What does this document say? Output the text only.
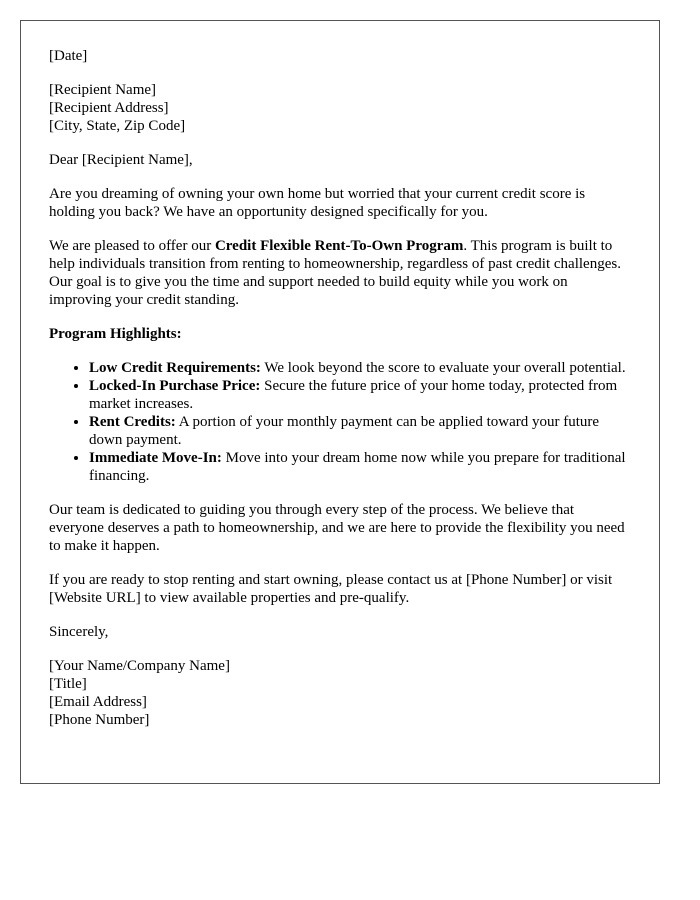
[Date]

[Recipient Name]
[Recipient Address]
[City, State, Zip Code]

Dear [Recipient Name],

Are you dreaming of owning your own home but worried that your current credit score is holding you back? We have an opportunity designed specifically for you.

We are pleased to offer our Credit Flexible Rent-To-Own Program. This program is built to help individuals transition from renting to homeownership, regardless of past credit challenges. Our goal is to give you the time and support needed to build equity while you work on improving your credit standing.

Program Highlights:

• Low Credit Requirements: We look beyond the score to evaluate your overall potential.
• Locked-In Purchase Price: Secure the future price of your home today, protected from market increases.
• Rent Credits: A portion of your monthly payment can be applied toward your future down payment.
• Immediate Move-In: Move into your dream home now while you prepare for traditional financing.

Our team is dedicated to guiding you through every step of the process. We believe that everyone deserves a path to homeownership, and we are here to provide the flexibility you need to make it happen.

If you are ready to stop renting and start owning, please contact us at [Phone Number] or visit [Website URL] to view available properties and pre-qualify.

Sincerely,

[Your Name/Company Name]
[Title]
[Email Address]
[Phone Number]
